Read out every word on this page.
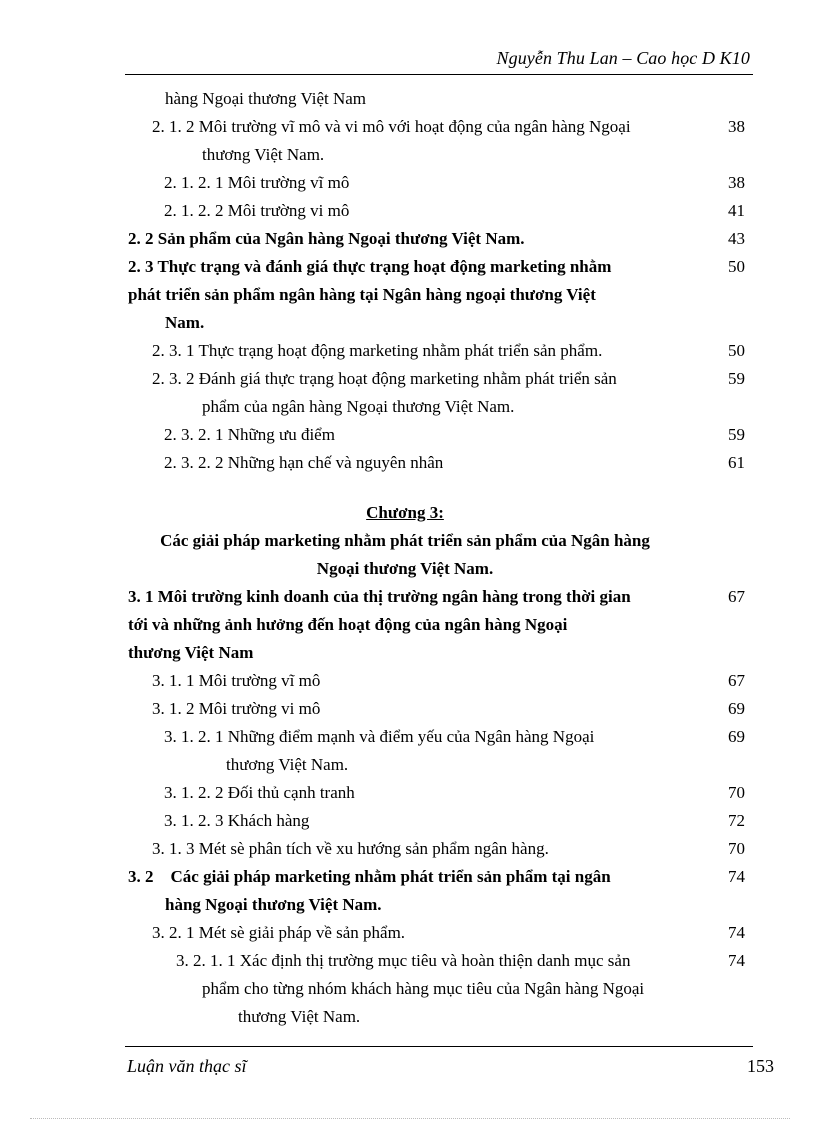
Nguyễn Thu Lan – Cao học D K10
hàng Ngoại thương Việt Nam
2. 1. 2 Môi trường vĩ mô và vi mô với hoạt động của ngân hàng Ngoại	38
thương Việt Nam.
2. 1. 2. 1 Môi trường vĩ mô	38
2. 1. 2. 2 Môi trường vi mô	41
2. 2 Sản phẩm của Ngân hàng Ngoại thương Việt Nam.	43
2. 3 Thực trạng và đánh giá thực trạng hoạt động marketing nhằm	50
phát triển sản phẩm ngân hàng tại Ngân hàng ngoại thương Việt
Nam.
2. 3. 1 Thực trạng hoạt động marketing nhằm phát triển sản phẩm.	50
2. 3. 2 Đánh giá thực trạng hoạt động marketing nhằm phát triển sản	59
phẩm của ngân hàng Ngoại thương Việt Nam.
2. 3. 2. 1 Những ưu điểm	59
2. 3. 2. 2 Những hạn chế và nguyên nhân	61
Chương 3:
Các giải pháp marketing nhằm phát triển sản phẩm của Ngân hàng
Ngoại thương Việt Nam.
3. 1 Môi trường kinh doanh của thị trường ngân hàng trong thời gian	67
tới và những ảnh hưởng đến hoạt động của ngân hàng Ngoại
thương Việt Nam
3. 1. 1 Môi trường vĩ mô	67
3. 1. 2 Môi trường vi mô	69
3. 1. 2. 1 Những điểm mạnh và điểm yếu của Ngân hàng Ngoại	69
thương Việt Nam.
3. 1. 2. 2 Đối thủ cạnh tranh	70
3. 1. 2. 3 Khách hàng	72
3. 1. 3 Mét sè phân tích về xu hướng sản phẩm ngân hàng.	70
3. 2    Các giải pháp marketing nhằm phát triển sản phẩm tại ngân	74
hàng Ngoại thương Việt Nam.
3. 2. 1 Mét sè giải pháp về sản phẩm.	74
3. 2. 1. 1 Xác định thị trường mục tiêu và hoàn thiện danh mục sản	74
phẩm cho từng nhóm khách hàng mục tiêu của Ngân hàng Ngoại
thương Việt Nam.
Luận văn thạc sĩ	153
